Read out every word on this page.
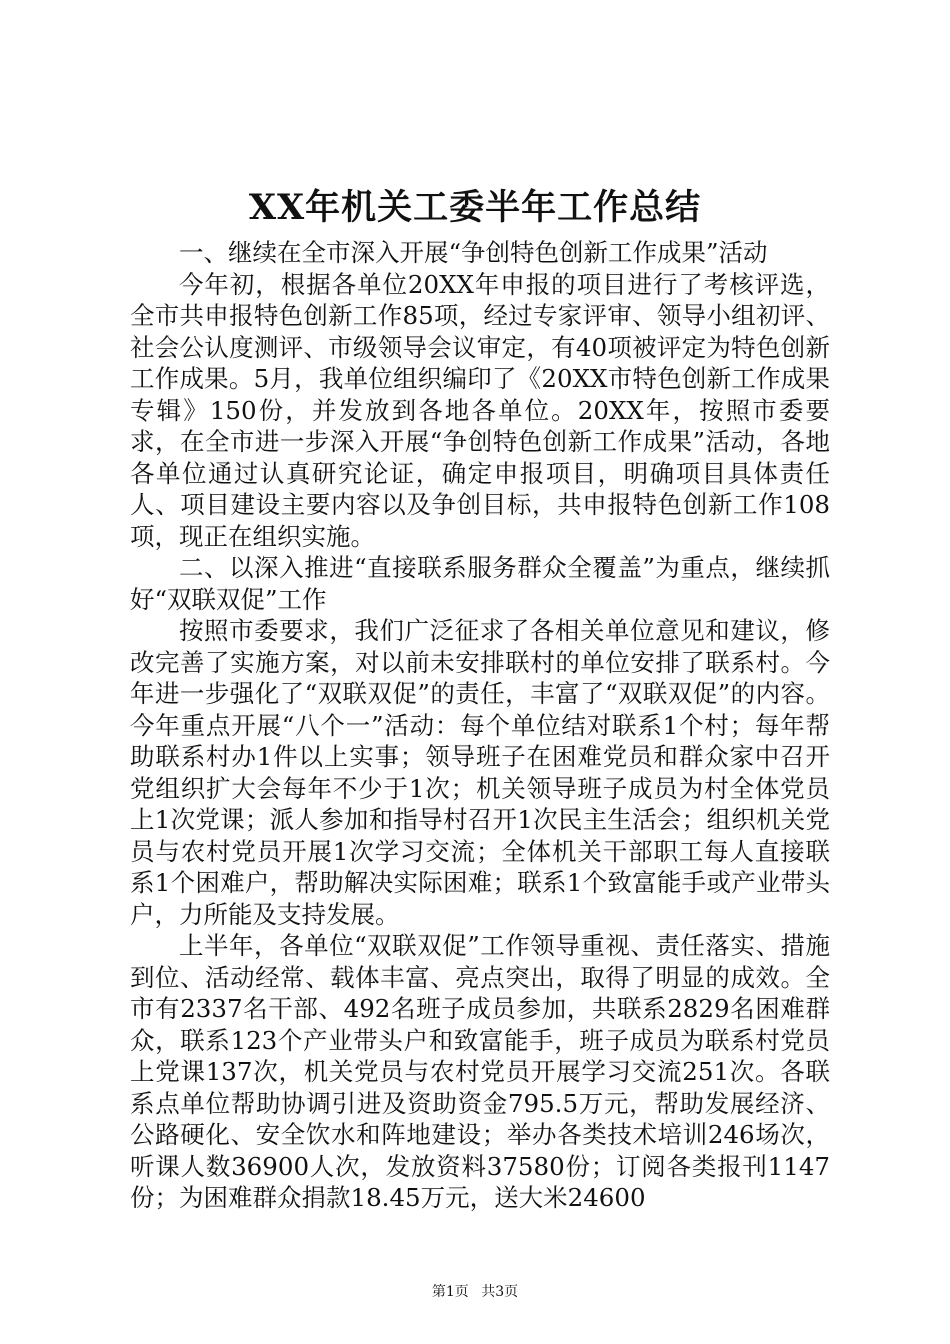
XX年机关工委半年工作总结

一、继续在全市深入开展“争创特色创新工作成果”活动

今年初，根据各单位20XX年申报的项目进行了考核评选，全市共申报特色创新工作85项，经过专家评审、领导小组初评、社会公认度测评、市级领导会议审定，有40项被评定为特色创新工作成果。5月，我单位组织编印了《20XX市特色创新工作成果专辑》150份，并发放到各地各单位。20XX年，按照市委要求，在全市进一步深入开展“争创特色创新工作成果”活动，各地各单位通过认真研究论证，确定申报项目，明确项目具体责任人、项目建设主要内容以及争创目标，共申报特色创新工作108项，现正在组织实施。

二、以深入推进“直接联系服务群众全覆盖”为重点，继续抓好“双联双促”工作

按照市委要求，我们广泛征求了各相关单位意见和建议，修改完善了实施方案，对以前未安排联村的单位安排了联系村。今年进一步强化了“双联双促”的责任，丰富了“双联双促”的内容。今年重点开展“八个一”活动：每个单位结对联系1个村；每年帮助联系村办1件以上实事；领导班子在困难党员和群众家中召开党组织扩大会每年不少于1次；机关领导班子成员为村全体党员上1次党课；派人参加和指导村召开1次民主生活会；组织机关党员与农村党员开展1次学习交流；全体机关干部职工每人直接联系1个困难户，帮助解决实际困难；联系1个致富能手或产业带头户，力所能及支持发展。

上半年，各单位“双联双促”工作领导重视、责任落实、措施到位、活动经常、载体丰富、亮点突出，取得了明显的成效。全市有2337名干部、492名班子成员参加，共联系2829名困难群众，联系123个产业带头户和致富能手，班子成员为联系村党员上党课137次，机关党员与农村党员开展学习交流251次。各联系点单位帮助协调引进及资助资金795.5万元，帮助发展经济、公路硬化、安全饮水和阵地建设；举办各类技术培训246场次，听课人数36900人次，发放资料37580份；订阅各类报刊1147份；为困难群众捐款18.45万元，送大米24600

第1页 共3页
